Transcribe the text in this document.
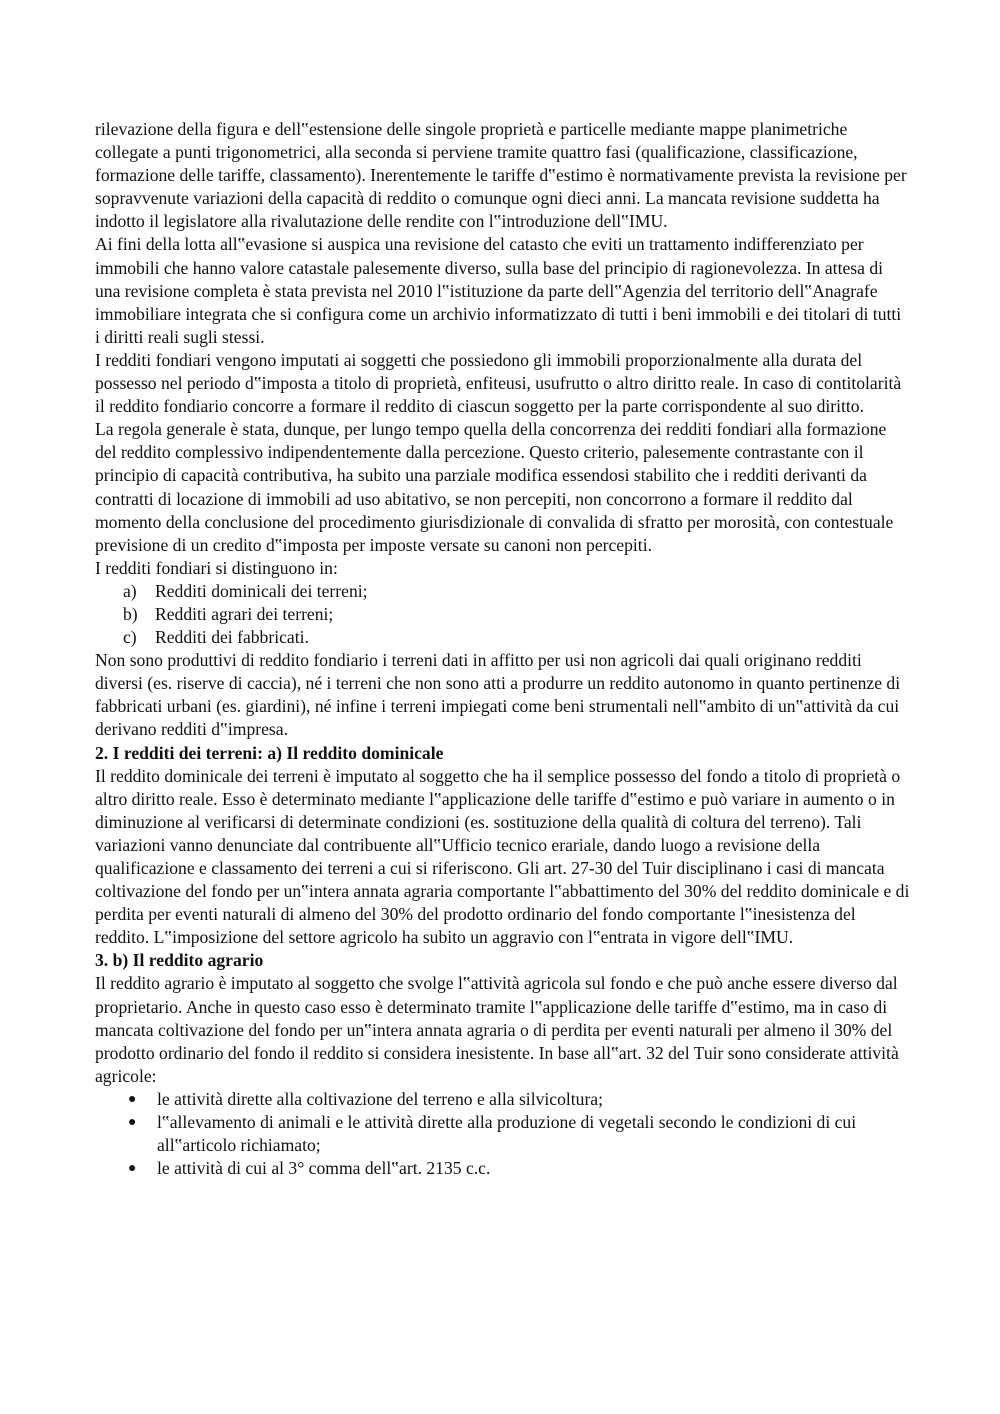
rilevazione della figura e dell‟estensione delle singole proprietà e particelle mediante mappe planimetriche collegate a punti trigonometrici, alla seconda si perviene tramite quattro fasi (qualificazione, classificazione, formazione delle tariffe, classamento). Inerentemente le tariffe d‟estimo è normativamente prevista la revisione per sopravvenute variazioni della capacità di reddito o comunque ogni dieci anni. La mancata revisione suddetta ha indotto il legislatore alla rivalutazione delle rendite con l‟introduzione dell‟IMU.

Ai fini della lotta all‟evasione si auspica una revisione del catasto che eviti un trattamento indifferenziato per immobili che hanno valore catastale palesemente diverso, sulla base del principio di ragionevolezza. In attesa di una revisione completa è stata prevista nel 2010 l‟istituzione da parte dell‟Agenzia del territorio dell‟Anagrafe immobiliare integrata che si configura come un archivio informatizzato di tutti i beni immobili e dei titolari di tutti i diritti reali sugli stessi.

I redditi fondiari vengono imputati ai soggetti che possiedono gli immobili proporzionalmente alla durata del possesso nel periodo d‟imposta a titolo di proprietà, enfiteusi, usufrutto o altro diritto reale. In caso di contitolarità il reddito fondiario concorre a formare il reddito di ciascun soggetto per la parte corrispondente al suo diritto.

La regola generale è stata, dunque, per lungo tempo quella della concorrenza dei redditi fondiari alla formazione del reddito complessivo indipendentemente dalla percezione. Questo criterio, palesemente contrastante con il principio di capacità contributiva, ha subito una parziale modifica essendosi stabilito che i redditi derivanti da contratti di locazione di immobili ad uso abitativo, se non percepiti, non concorrono a formare il reddito dal momento della conclusione del procedimento giurisdizionale di convalida di sfratto per morosità, con contestuale previsione di un credito d‟imposta per imposte versate su canoni non percepiti.

I redditi fondiari si distinguono in:

a) Redditi dominicali dei terreni;
b) Redditi agrari dei terreni;
c) Redditi dei fabbricati.

Non sono produttivi di reddito fondiario i terreni dati in affitto per usi non agricoli dai quali originano redditi diversi (es. riserve di caccia), né i terreni che non sono atti a produrre un reddito autonomo in quanto pertinenze di fabbricati urbani (es. giardini), né infine i terreni impiegati come beni strumentali nell‟ambito di un‟attività da cui derivano redditi d‟impresa.

2. I redditi dei terreni: a) Il reddito dominicale

Il reddito dominicale dei terreni è imputato al soggetto che ha il semplice possesso del fondo a titolo di proprietà o altro diritto reale. Esso è determinato mediante l‟applicazione delle tariffe d‟estimo e può variare in aumento o in diminuzione al verificarsi di determinate condizioni (es. sostituzione della qualità di coltura del terreno). Tali variazioni vanno denunciate dal contribuente all‟Ufficio tecnico erariale, dando luogo a revisione della qualificazione e classamento dei terreni a cui si riferiscono. Gli art. 27-30 del Tuir disciplinano i casi di mancata coltivazione del fondo per un‟intera annata agraria comportante l‟abbattimento del 30% del reddito dominicale e di perdita per eventi naturali di almeno del 30% del prodotto ordinario del fondo comportante l‟inesistenza del reddito. L‟imposizione del settore agricolo ha subito un aggravio con l‟entrata in vigore dell‟IMU.

3. b) Il reddito agrario

Il reddito agrario è imputato al soggetto che svolge l‟attività agricola sul fondo e che può anche essere diverso dal proprietario. Anche in questo caso esso è determinato tramite l‟applicazione delle tariffe d‟estimo, ma in caso di mancata coltivazione del fondo per un‟intera annata agraria o di perdita per eventi naturali per almeno il 30% del prodotto ordinario del fondo il reddito si considera inesistente. In base all‟art. 32 del Tuir sono considerate attività agricole:

● le attività dirette alla coltivazione del terreno e alla silvicoltura;
● l‟allevamento di animali e le attività dirette alla produzione di vegetali secondo le condizioni di cui all‟articolo richiamato;
● le attività di cui al 3° comma dell‟art. 2135 c.c.
